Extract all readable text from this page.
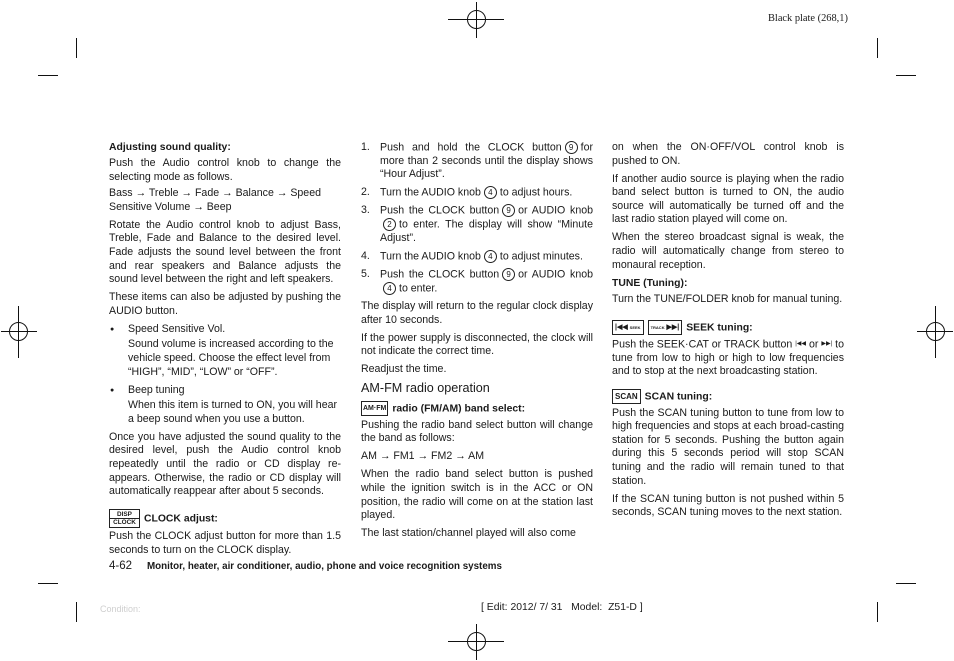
Black plate (268,1)

Adjusting sound quality:

Push the Audio control knob to change the selecting mode as follows.

Bass → Treble → Fade → Balance → Speed Sensitive Volume → Beep

Rotate the Audio control knob to adjust Bass, Treble, Fade and Balance to the desired level. Fade adjusts the sound level between the front and rear speakers and Balance adjusts the sound level between the right and left speakers.

These items can also be adjusted by pushing the AUDIO button.

● Speed Sensitive Vol.

Sound volume is increased according to the vehicle speed. Choose the effect level from “HIGH”, “MID”, “LOW” or “OFF”.

● Beep tuning

When this item is turned to ON, you will hear a beep sound when you use a button.

Once you have adjusted the sound quality to the desired level, push the Audio control knob repeatedly until the radio or CD display re-appears. Otherwise, the radio or CD display will automatically reappear after about 5 seconds.

DISP

CLOCK CLOCK adjust:

Push the CLOCK adjust button for more than 1.5 seconds to turn on the CLOCK display.

1. Push and hold the CLOCK button 9 for more than 2 seconds until the display shows “Hour Adjust”.

2. Turn the AUDIO knob 4 to adjust hours.

3. Push the CLOCK button 9 or AUDIO knob2 to enter. The display will show “Minute Adjust”.

4. Turn the AUDIO knob 4 to adjust minutes.

5. Push the CLOCK button 9 or AUDIO knob4 to enter.

The display will return to the regular clock display after 10 seconds.

If the power supply is disconnected, the clock will not indicate the correct time.

Readjust the time.

AM-FM radio operation

AM·FM radio (FM/AM) band select:

Pushing the radio band select button will change the band as follows:

AM → FM1 → FM2 → AM

When the radio band select button is pushed while the ignition switch is in the ACC or ON position, the radio will come on at the station last played.

The last station/channel played will also come

on when the ON·OFF/VOL control knob is pushed to ON.

If another audio source is playing when the radio band select button is turned to ON, the audio source will automatically be turned off and the last radio station played will come on.

When the stereo broadcast signal is weak, the radio will automatically change from stereo to monaural reception.

TUNE (Tuning):

Turn the TUNE/FOLDER knob for manual tuning.

|◀◀ SEEK	TRACK ▶▶| SEEK tuning:

Push the SEEK·CAT or TRACK button |◀◀ or ▶▶| to tune from low to high or high to low frequencies and to stop at the next broadcasting station.

SCAN SCAN tuning:

Push the SCAN tuning button to tune from low to high frequencies and stops at each broad-casting station for 5 seconds. Pushing the button again during this 5 seconds period will stop SCAN tuning and the radio will remain tuned to that station.

If the SCAN tuning button is not pushed within 5 seconds, SCAN tuning moves to the next station.

4-62 Monitor, heater, air conditioner, audio, phone and voice recognition systems
Condition:	[ Edit: 2012/ 7/ 31   Model:  Z51-D ]
